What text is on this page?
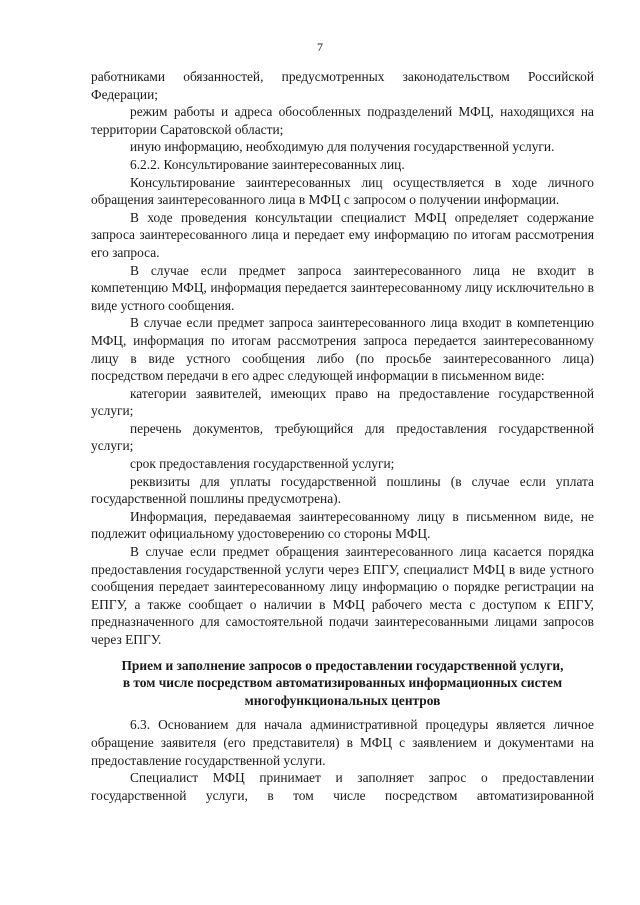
7

работниками обязанностей, предусмотренных законодательством Российской Федерации;

режим работы и адреса обособленных подразделений МФЦ, находящихся на территории Саратовской области;

иную информацию, необходимую для получения государственной услуги.

6.2.2. Консультирование заинтересованных лиц.

Консультирование заинтересованных лиц осуществляется в ходе личного обращения заинтересованного лица в МФЦ с запросом о получении информации.

В ходе проведения консультации специалист МФЦ определяет содержание запроса заинтересованного лица и передает ему информацию по итогам рассмотрения его запроса.

В случае если предмет запроса заинтересованного лица не входит в компетенцию МФЦ, информация передается заинтересованному лицу исключительно в виде устного сообщения.

В случае если предмет запроса заинтересованного лица входит в компетенцию МФЦ, информация по итогам рассмотрения запроса передается заинтересованному лицу в виде устного сообщения либо (по просьбе заинтересованного лица) посредством передачи в его адрес следующей информации в письменном виде:

категории заявителей, имеющих право на предоставление государственной услуги;

перечень документов, требующийся для предоставления государственной услуги;

срок предоставления государственной услуги;

реквизиты для уплаты государственной пошлины (в случае если уплата государственной пошлины предусмотрена).

Информация, передаваемая заинтересованному лицу в письменном виде, не подлежит официальному удостоверению со стороны МФЦ.

В случае если предмет обращения заинтересованного лица касается порядка предоставления государственной услуги через ЕПГУ, специалист МФЦ в виде устного сообщения передает заинтересованному лицу информацию о порядке регистрации на ЕПГУ, а также сообщает о наличии в МФЦ рабочего места с доступом к ЕПГУ, предназначенного для самостоятельной подачи заинтересованными лицами запросов через ЕПГУ.

Прием и заполнение запросов о предоставлении государственной услуги,
в том числе посредством автоматизированных информационных систем
многофункциональных центров

6.3. Основанием для начала административной процедуры является личное обращение заявителя (его представителя) в МФЦ с заявлением и документами на предоставление государственной услуги.

Специалист МФЦ принимает и заполняет запрос о предоставлении государственной услуги, в том числе посредством автоматизированной
